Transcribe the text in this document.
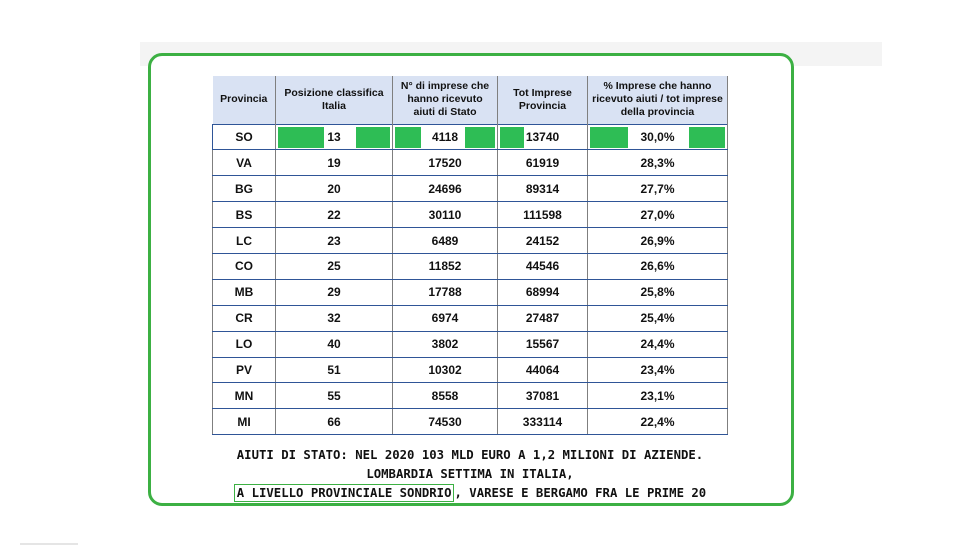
Provincia	Posizione classifica Italia	N° di imprese che hanno ricevuto aiuti di Stato	Tot Imprese Provincia	% Imprese che hanno ricevuto aiuti / tot imprese della provincia
SO	13	4118	13740	30,0%
VA	19	17520	61919	28,3%
BG	20	24696	89314	27,7%
BS	22	30110	111598	27,0%
LC	23	6489	24152	26,9%
CO	25	11852	44546	26,6%
MB	29	17788	68994	25,8%
CR	32	6974	27487	25,4%
LO	40	3802	15567	24,4%
PV	51	10302	44064	23,4%
MN	55	8558	37081	23,1%
MI	66	74530	333114	22,4%
AIUTI DI STATO: NEL 2020 103 MLD EURO A 1,2 MILIONI DI AZIENDE.
LOMBARDIA SETTIMA IN ITALIA,
A LIVELLO PROVINCIALE SONDRIO , VARESE E BERGAMO FRA LE PRIME 20
